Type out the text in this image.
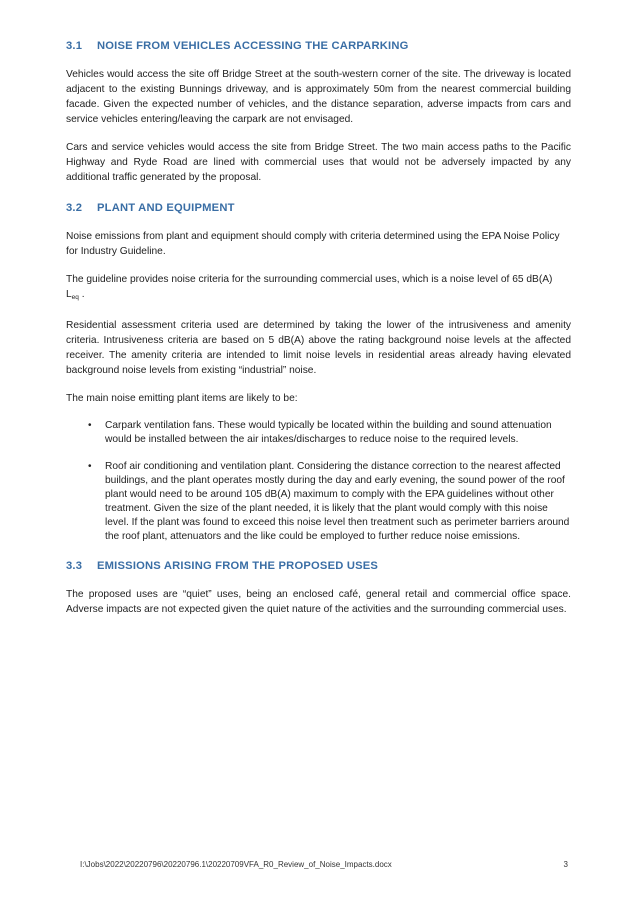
3.1	NOISE FROM VEHICLES ACCESSING THE CARPARKING

Vehicles would access the site off Bridge Street at the south-western corner of the site. The driveway is located adjacent to the existing Bunnings driveway, and is approximately 50m from the nearest commercial building facade. Given the expected number of vehicles, and the distance separation, adverse impacts from cars and service vehicles entering/leaving the carpark are not envisaged.

Cars and service vehicles would access the site from Bridge Street. The two main access paths to the Pacific Highway and Ryde Road are lined with commercial uses that would not be adversely impacted by any additional traffic generated by the proposal.

3.2	PLANT AND EQUIPMENT

Noise emissions from plant and equipment should comply with criteria determined using the EPA Noise Policy for Industry Guideline.

The guideline provides noise criteria for the surrounding commercial uses, which is a noise level of 65 dB(A)
$L_{eq}$ .

Residential assessment criteria used are determined by taking the lower of the intrusiveness and amenity criteria. Intrusiveness criteria are based on 5 dB(A) above the rating background noise levels at the affected receiver. The amenity criteria are intended to limit noise levels in residential areas already having elevated background noise levels from existing “industrial” noise.

The main noise emitting plant items are likely to be:

• Carpark ventilation fans. These would typically be located within the building and sound attenuation would be installed between the air intakes/discharges to reduce noise to the required levels.
• Roof air conditioning and ventilation plant. Considering the distance correction to the nearest affected buildings, and the plant operates mostly during the day and early evening, the sound power of the roof plant would need to be around 105 dB(A) maximum to comply with the EPA guidelines without other treatment. Given the size of the plant needed, it is likely that the plant would comply with this noise level. If the plant was found to exceed this noise level then treatment such as perimeter barriers around the roof plant, attenuators and the like could be employed to further reduce noise emissions.
3.3	EMISSIONS ARISING FROM THE PROPOSED USES

The proposed uses are “quiet” uses, being an enclosed café, general retail and commercial office space. Adverse impacts are not expected given the quiet nature of the activities and the surrounding commercial uses.

I:\Jobs\2022\20220796\20220796.1\20220709VFA_R0_Review_of_Noise_Impacts.docx	3
